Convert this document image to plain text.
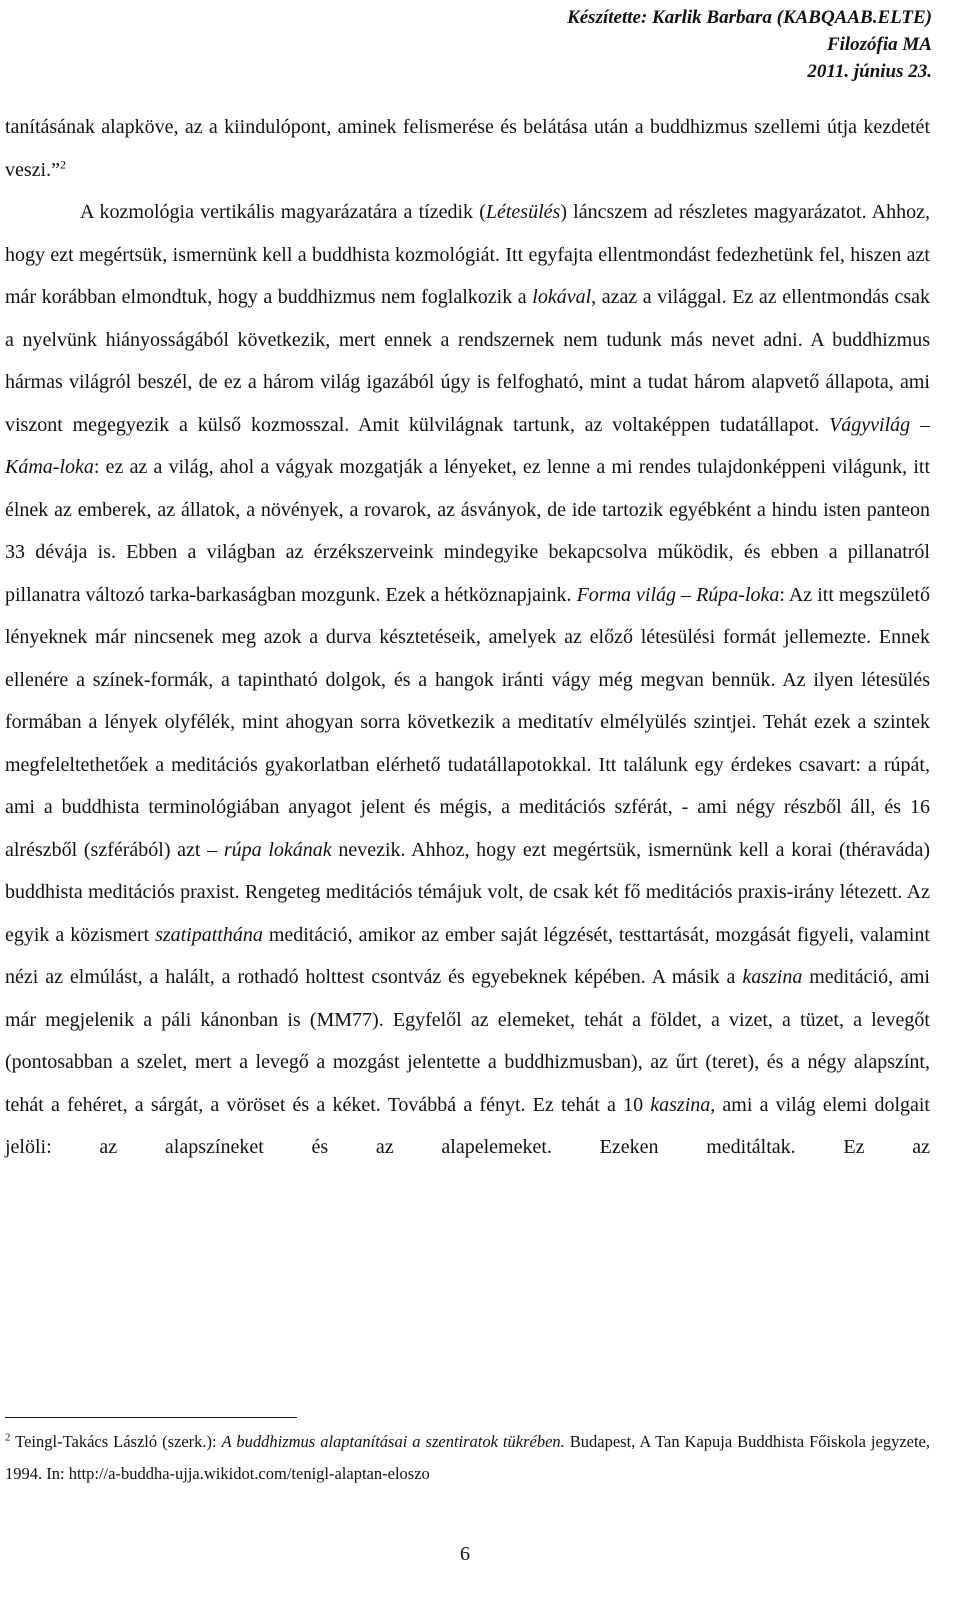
Készítette: Karlik Barbara (KABQAAB.ELTE)
Filozófia MA
2011. június 23.

tanításának alapköve, az a kiindulópont, aminek felismerése és belátása után a buddhizmus szellemi útja kezdetét veszi.”$^2$

A kozmológia vertikális magyarázatára a tízedik (Létesülés) láncszem ad részletes magyarázatot. Ahhoz, hogy ezt megértsük, ismernünk kell a buddhista kozmológiát. Itt egyfajta ellentmondást fedezhetünk fel, hiszen azt már korábban elmondtuk, hogy a buddhizmus nem foglalkozik a lokával, azaz a világgal. Ez az ellentmondás csak a nyelvünk hiányosságából következik, mert ennek a rendszernek nem tudunk más nevet adni. A buddhizmus hármas világról beszél, de ez a három világ igazából úgy is felfogható, mint a tudat három alapvető állapota, ami viszont megegyezik a külső kozmosszal. Amit külvilágnak tartunk, az voltaképpen tudatállapot. Vágyvilág – Káma-loka: ez az a világ, ahol a vágyak mozgatják a lényeket, ez lenne a mi rendes tulajdonképpeni világunk, itt élnek az emberek, az állatok, a növények, a rovarok, az ásványok, de ide tartozik egyébként a hindu isten panteon 33 dévája is. Ebben a világban az érzékszerveink mindegyike bekapcsolva működik, és ebben a pillanatról pillanatra változó tarka-barkaságban mozgunk. Ezek a hétköznapjaink. Forma világ – Rúpa-loka: Az itt megszülető lényeknek már nincsenek meg azok a durva késztetéseik, amelyek az előző létesülési formát jellemezte. Ennek ellenére a színek-formák, a tapintható dolgok, és a hangok iránti vágy még megvan bennük. Az ilyen létesülés formában a lények olyfélék, mint ahogyan sorra következik a meditatív elmélyülés szintjei. Tehát ezek a szintek megfeleltethetőek a meditációs gyakorlatban elérhető tudatállapotokkal. Itt találunk egy érdekes csavart: a rúpát, ami a buddhista terminológiában anyagot jelent és mégis, a meditációs szférát, - ami négy részből áll, és 16 alrészből (szférából) azt – rúpa lokának nevezik. Ahhoz, hogy ezt megértsük, ismernünk kell a korai (théraváda) buddhista meditációs praxist. Rengeteg meditációs témájuk volt, de csak két fő meditációs praxis-irány létezett. Az egyik a közismert szatipatthána meditáció, amikor az ember saját légzését, testtartását, mozgását figyeli, valamint nézi az elmúlást, a halált, a rothadó holttest csontváz és egyebeknek képében. A másik a kaszina meditáció, ami már megjelenik a páli kánonban is (MM77). Egyfelől az elemeket, tehát a földet, a vizet, a tüzet, a levegőt (pontosabban a szelet, mert a levegő a mozgást jelentette a buddhizmusban), az űrt (teret), és a négy alapszínt, tehát a fehéret, a sárgát, a vöröset és a kéket. Továbbá a fényt. Ez tehát a 10 kaszina, ami a világ elemi dolgait jelöli: az alapszíneket és az alapelemeket. Ezeken meditáltak. Ez az

$^2$ Teingl-Takács László (szerk.): A buddhizmus alaptanításai a szentiratok tükrében. Budapest, A Tan Kapuja Buddhista Főiskola jegyzete, 1994. In: http://a-buddha-ujja.wikidot.com/tenigl-alaptan-eloszo

6
